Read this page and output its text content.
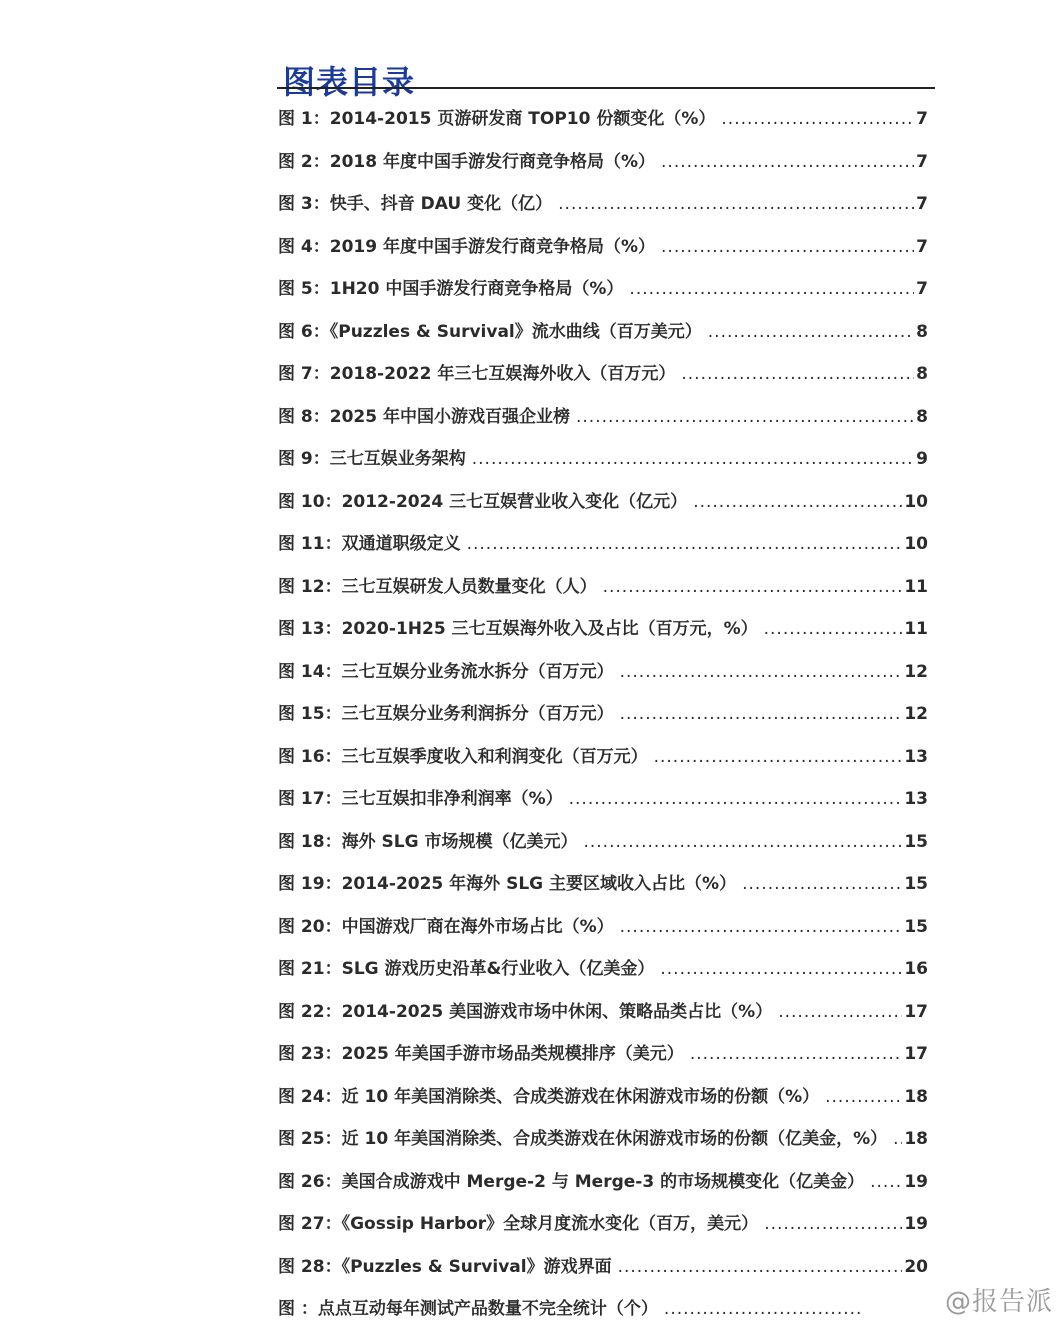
图表目录
图 1：2014-2015 页游研发商 TOP10 份额变化（%） .....	7
图 2：2018 年度中国手游发行商竞争格局（%） .....	7
图 3：快手、抖音 DAU 变化（亿） .....	7
图 4：2019 年度中国手游发行商竞争格局（%） .....	7
图 5：1H20 中国手游发行商竞争格局（%） .....	7
图 6：《Puzzles & Survival》流水曲线（百万美元） .....	8
图 7：2018-2022 年三七互娱海外收入（百万元） .....	8
图 8：2025 年中国小游戏百强企业榜 .....	8
图 9：三七互娱业务架构 .....	9
图 10：2012-2024 三七互娱营业收入变化（亿元） .....	10
图 11：双通道职级定义 .....	10
图 12：三七互娱研发人员数量变化（人） .....	11
图 13：2020-1H25 三七互娱海外收入及占比（百万元，%） .....	11
图 14：三七互娱分业务流水拆分（百万元） .....	12
图 15：三七互娱分业务利润拆分（百万元） .....	12
图 16：三七互娱季度收入和利润变化（百万元） .....	13
图 17：三七互娱扣非净利润率（%） .....	13
图 18：海外 SLG 市场规模（亿美元） .....	15
图 19：2014-2025 年海外 SLG 主要区域收入占比（%） .....	15
图 20：中国游戏厂商在海外市场占比（%） .....	15
图 21：SLG 游戏历史沿革&行业收入（亿美金） .....	16
图 22：2014-2025 美国游戏市场中休闲、策略品类占比（%） .....	17
图 23：2025 年美国手游市场品类规模排序（美元） .....	17
图 24：近 10 年美国消除类、合成类游戏在休闲游戏市场的份额（%） .....	18
图 25：近 10 年美国消除类、合成类游戏在休闲游戏市场的份额（亿美金，%） ..... 18
图 26：美国合成游戏中 Merge-2 与 Merge-3 的市场规模变化（亿美金） ..... 19
图 27：《Gossip Harbor》全球月度流水变化（百万，美元） .....	19
图 28：《Puzzles & Survival》游戏界面 .....	20
图 ：点点互动每年测试产品数量不完全统计（个） .....	@报告派
